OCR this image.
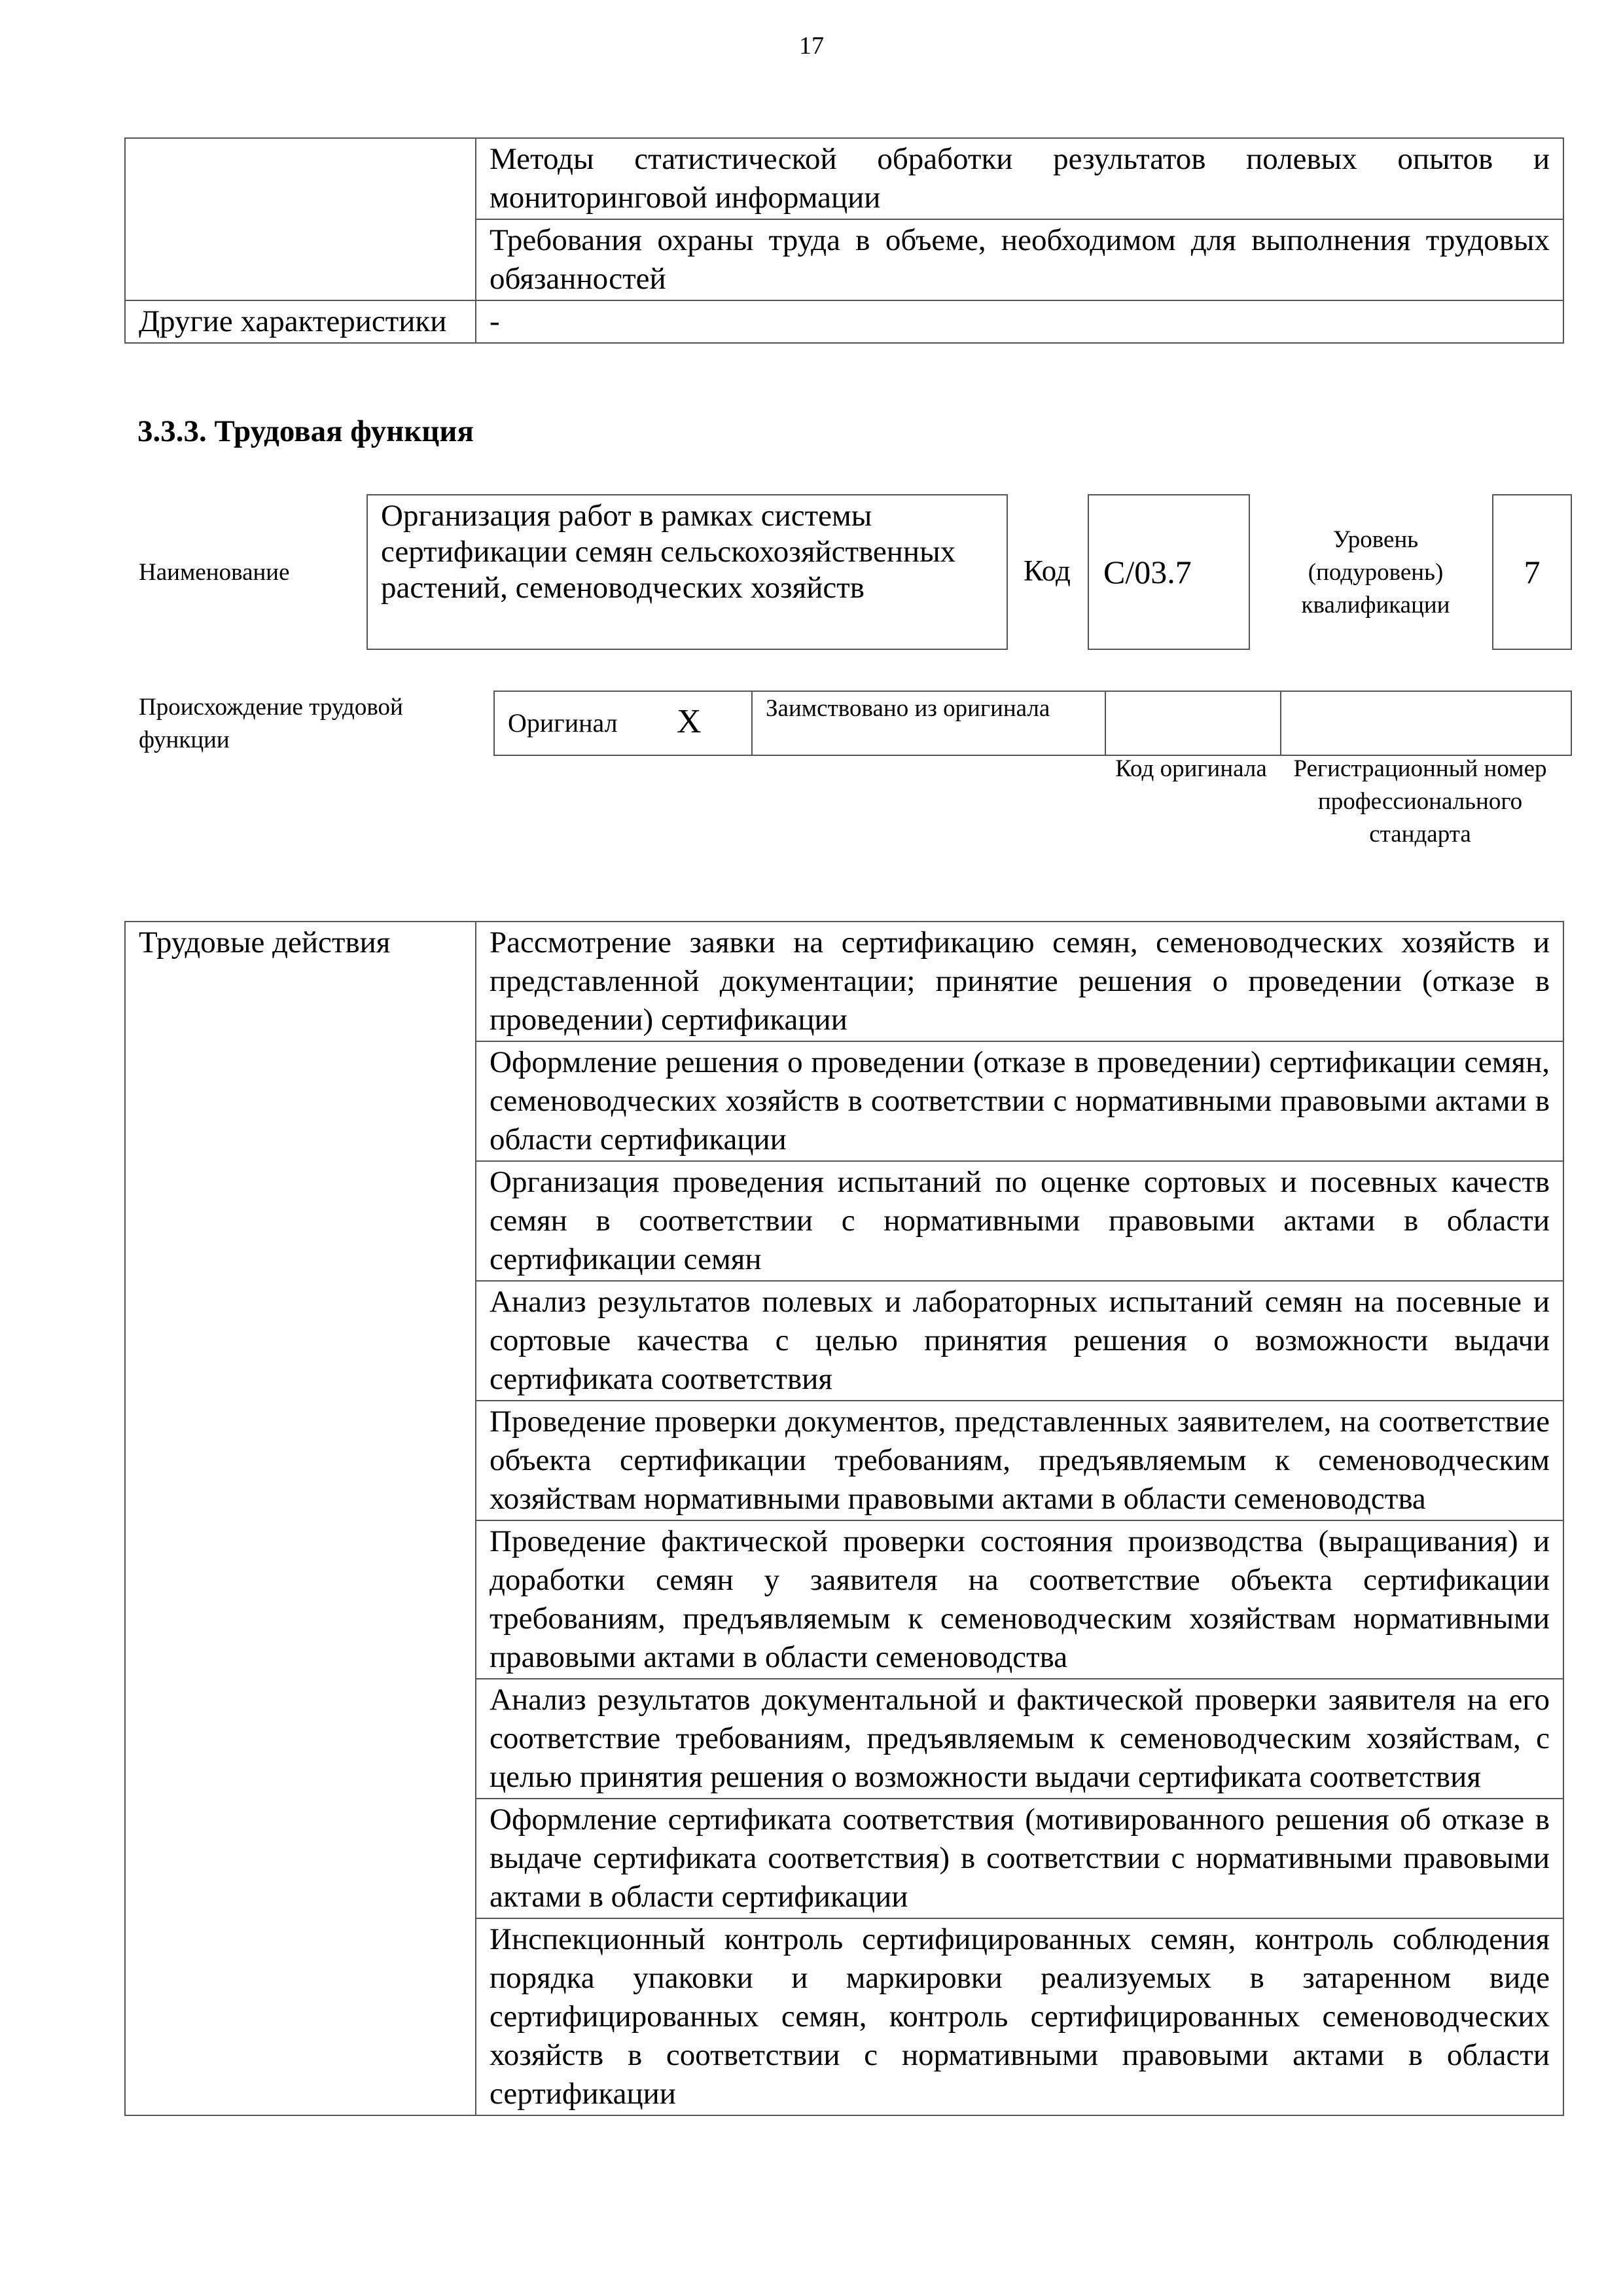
17

	Методы статистической обработки результатов полевых опытов и мониторинговой информации

	Требования охраны труда в объеме, необходимом для выполнения трудовых обязанностей

Другие характеристики	-
3.3.3. Трудовая функция
Наименование
Организация работ в рамках системы сертификации семян сельскохозяйственных растений, семеноводческих хозяйств	Код	C/03.7
Уровень (подуровень) квалификации
7
Происхождение трудовой функции
Оригинал X	Заимствовано из оригинала
Код оригинала	Регистрационный номер профессионального стандарта
Трудовые действия	Рассмотрение заявки на сертификацию семян, семеноводческих хозяйств и представленной документации; принятие решения о проведении (отказе в проведении) сертификации

Оформление решения о проведении (отказе в проведении) сертификации семян, семеноводческих хозяйств в соответствии с нормативными правовыми актами в области сертификации

Организация проведения испытаний по оценке сортовых и посевных качеств семян в соответствии с нормативными правовыми актами в области сертификации семян

Анализ результатов полевых и лабораторных испытаний семян на посевные и сортовые качества с целью принятия решения о возможности выдачи сертификата соответствия

Проведение проверки документов, представленных заявителем, на соответствие объекта сертификации требованиям, предъявляемым к семеноводческим хозяйствам нормативными правовыми актами в области семеноводства

Проведение фактической проверки состояния производства (выращивания) и доработки семян у заявителя на соответствие объекта сертификации требованиям, предъявляемым к семеноводческим хозяйствам нормативными правовыми актами в области семеноводства

Анализ результатов документальной и фактической проверки заявителя на его соответствие требованиям, предъявляемым к семеноводческим хозяйствам, с целью принятия решения о возможности выдачи сертификата соответствия

Оформление сертификата соответствия (мотивированного решения об отказе в выдаче сертификата соответствия) в соответствии с нормативными правовыми актами в области сертификации

Инспекционный контроль сертифицированных семян, контроль соблюдения порядка упаковки и маркировки реализуемых в затаренном виде сертифицированных семян, контроль сертифицированных семеноводческих хозяйств в соответствии с нормативными правовыми актами в области сертификации
